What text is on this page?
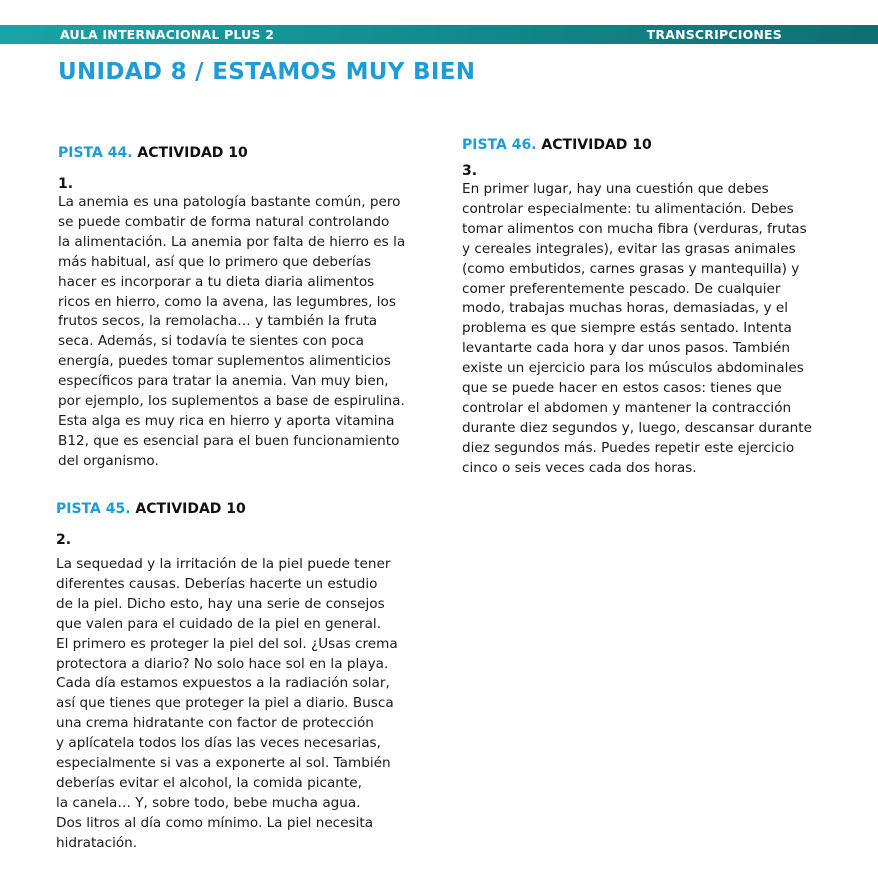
AULA INTERNACIONAL PLUS 2	TRANSCRIPCIONES
UNIDAD 8 / ESTAMOS MUY BIEN

PISTA 44. ACTIVIDAD 10

1.

La anemia es una patología bastante común, pero
se puede combatir de forma natural controlando
la alimentación. La anemia por falta de hierro es la
más habitual, así que lo primero que deberías
hacer es incorporar a tu dieta diaria alimentos
ricos en hierro, como la avena, las legumbres, los
frutos secos, la remolacha… y también la fruta
seca. Además, si todavía te sientes con poca
energía, puedes tomar suplementos alimenticios
específicos para tratar la anemia. Van muy bien,
por ejemplo, los suplementos a base de espirulina.
Esta alga es muy rica en hierro y aporta vitamina
B12, que es esencial para el buen funcionamiento
del organismo.

PISTA 45. ACTIVIDAD 10

2.

La sequedad y la irritación de la piel puede tener
diferentes causas. Deberías hacerte un estudio
de la piel. Dicho esto, hay una serie de consejos
que valen para el cuidado de la piel en general.
El primero es proteger la piel del sol. ¿Usas crema
protectora a diario? No solo hace sol en la playa.
Cada día estamos expuestos a la radiación solar,
así que tienes que proteger la piel a diario. Busca
una crema hidratante con factor de protección
y aplícatela todos los días las veces necesarias,
especialmente si vas a exponerte al sol. También
deberías evitar el alcohol, la comida picante,
la canela… Y, sobre todo, bebe mucha agua.
Dos litros al día como mínimo. La piel necesita
hidratación.

PISTA 46. ACTIVIDAD 10

3.

En primer lugar, hay una cuestión que debes
controlar especialmente: tu alimentación. Debes
tomar alimentos con mucha fibra (verduras, frutas
y cereales integrales), evitar las grasas animales
(como embutidos, carnes grasas y mantequilla) y
comer preferentemente pescado. De cualquier
modo, trabajas muchas horas, demasiadas, y el
problema es que siempre estás sentado. Intenta
levantarte cada hora y dar unos pasos. También
existe un ejercicio para los músculos abdominales
que se puede hacer en estos casos: tienes que
controlar el abdomen y mantener la contracción
durante diez segundos y, luego, descansar durante
diez segundos más. Puedes repetir este ejercicio
cinco o seis veces cada dos horas.
